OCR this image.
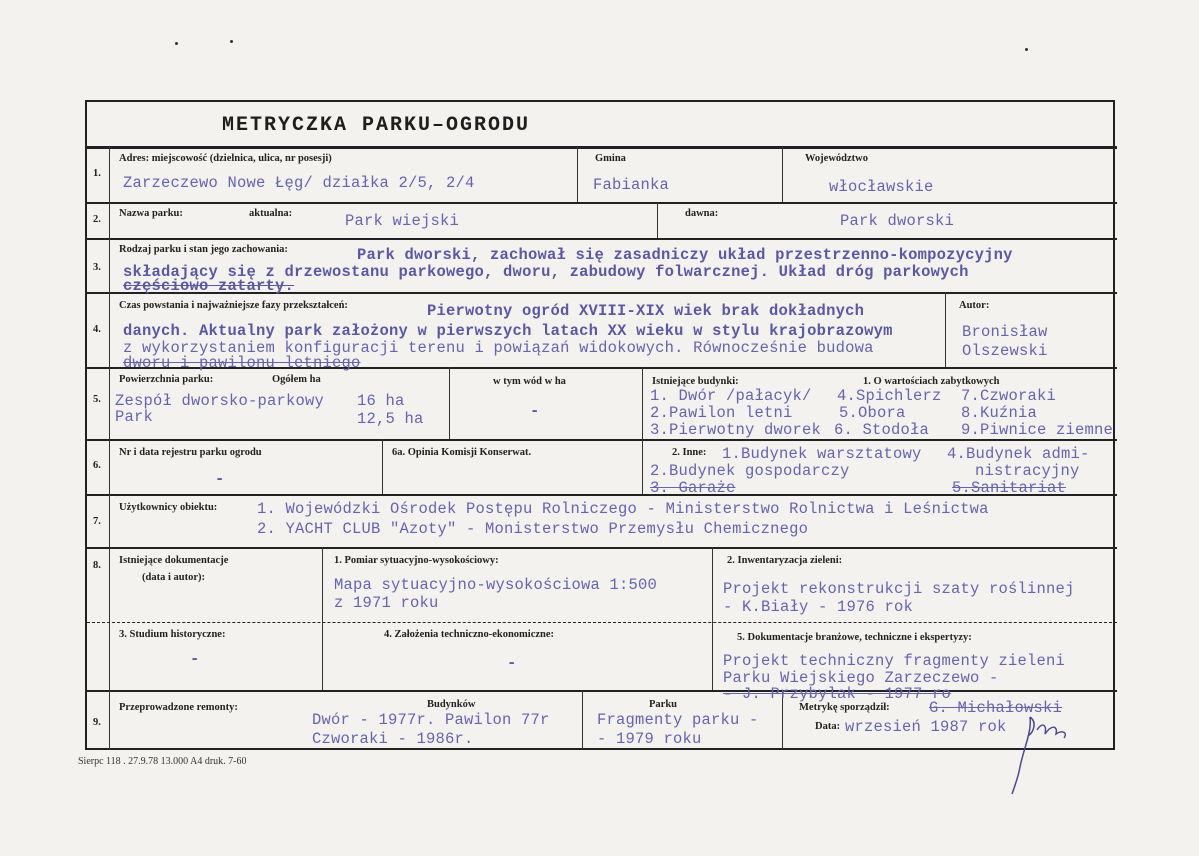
METRYCZKA PARKU–OGRODU
1.
Adres: miejscowość (dzielnica, ulica, nr posesji)
Zarzeczewo Nowe Łęg/ działka 2/5, 2/4
Gmina
Fabianka
Województwo
włocławskie
2.
Nazwa parku:	aktualna:	Park wiejski	dawna:	Park dworski
3.
Rodzaj parku i stan jego zachowania:	Park dworski, zachował się zasadniczy układ przestrzenno-kompozycyjny
składający się z drzewostanu parkowego, dworu, zabudowy folwarcznej. Układ dróg parkowych
częściowo zatarty.
4.
Czas powstania i najważniejsze fazy przekształceń:	Pierwotny ogród XVIII-XIX wiek brak dokładnych
danych. Aktualny park założony w pierwszych latach XX wieku w stylu krajobrazowym
z wykorzystaniem konfiguracji terenu i powiązań widokowych. Równocześnie budowa
dworu i pawilonu letniego
Autor:
Bronisław
Olszewski
5.
Powierzchnia parku:	Ogółem ha
Zespół dworsko-parkowy 16 ha
Park	12,5 ha
w tym wód w ha
-
Istniejące budynki:	1. O wartościach zabytkowych
1. Dwór /pałacyk/
2.Pawilon letni
3.Pierwotny dworek
4.Spichlerz
5.Obora
6. Stodoła
7.Czworaki
8.Kuźnia
9.Piwnice ziemne
6.
Nr i data rejestru parku ogrodu
-
6a. Opinia Komisji Konserwat.	2. Inne: 1.Budynek warsztatowy
2.Budynek gospodarczy
3. Garaże
4.Budynek admi-
nistracyjny
5.Sanitariat
7.
Użytkownicy obiektu:	1. Wojewódzki Ośrodek Postępu Rolniczego - Ministerstwo Rolnictwa i Leśnictwa
2. YACHT CLUB "Azoty" - Monisterstwo Przemysłu Chemicznego
8. Istniejące dokumentacje
(data i autor):
1. Pomiar sytuacyjno-wysokościowy:
Mapa sytuacyjno-wysokościowa 1:500
z 1971 roku
2. Inwentaryzacja zieleni:
Projekt rekonstrukcji szaty roślinnej
- K.Biały - 1976 rok
3. Studium historyczne:
-
4. Założenia techniczno-ekonomiczne:
-
5. Dokumentacje branżowe, techniczne i ekspertyzy:
Projekt techniczny fragmenty zieleni
Parku Wiejskiego Zarzeczewo -
- J. Przybylak - 1977 ro
9.
Przeprowadzone remonty:	Budynków
Dwór - 1977r. Pawilon 77r
Czworaki - 1986r.
Parku
Fragmenty parku -
- 1979 roku
Metrykę sporządził:	G. Michałowski
Data: wrzesień 1987 rok
Sierpc 118 . 27.9.78 13.000 A4 druk. 7-60
